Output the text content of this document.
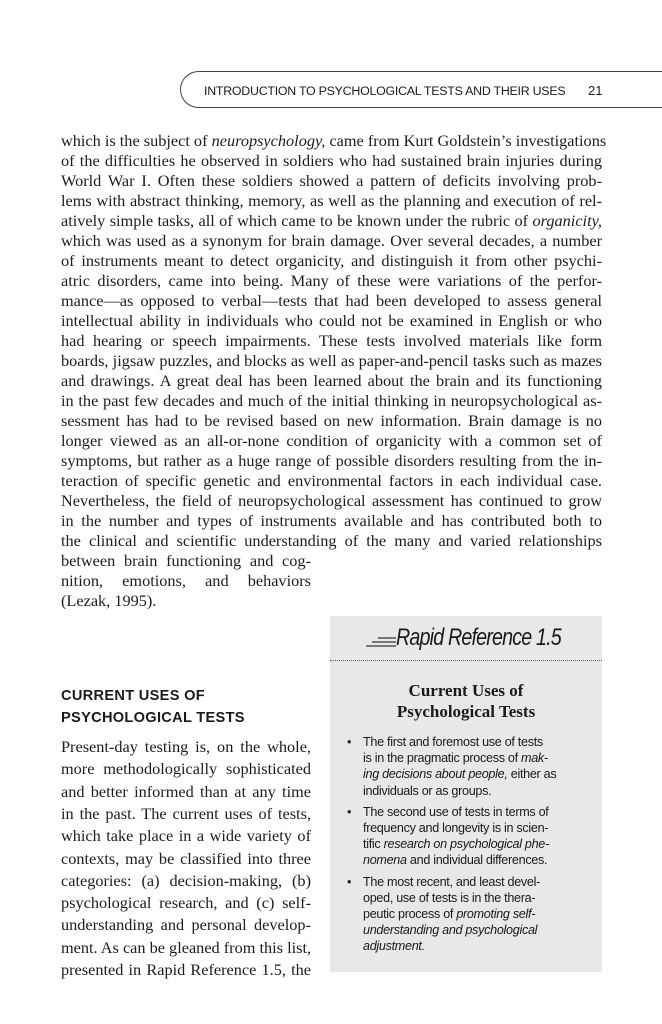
INTRODUCTION TO PSYCHOLOGICAL TESTS AND THEIR USES 21
which is the subject of neuropsychology, came from Kurt Goldstein’s investigations
of the difficulties he observed in soldiers who had sustained brain injuries during
World War I. Often these soldiers showed a pattern of deficits involving prob-
lems with abstract thinking, memory, as well as the planning and execution of rel-
atively simple tasks, all of which came to be known under the rubric of organicity,
which was used as a synonym for brain damage. Over several decades, a number
of instruments meant to detect organicity, and distinguish it from other psychi-
atric disorders, came into being. Many of these were variations of the perfor-
mance—as opposed to verbal—tests that had been developed to assess general
intellectual ability in individuals who could not be examined in English or who
had hearing or speech impairments. These tests involved materials like form
boards, jigsaw puzzles, and blocks as well as paper-and-pencil tasks such as mazes
and drawings. A great deal has been learned about the brain and its functioning
in the past few decades and much of the initial thinking in neuropsychological as-
sessment has had to be revised based on new information. Brain damage is no
longer viewed as an all-or-none condition of organicity with a common set of
symptoms, but rather as a huge range of possible disorders resulting from the in-
teraction of specific genetic and environmental factors in each individual case.
Nevertheless, the field of neuropsychological assessment has continued to grow
in the number and types of instruments available and has contributed both to
the clinical and scientific understanding of the many and varied relationships
between brain functioning and cog-
nition, emotions, and behaviors
(Lezak, 1995).
CURRENT USES OF
PSYCHOLOGICAL TESTS
Present-day testing is, on the whole,
more methodologically sophisticated
and better informed than at any time
in the past. The current uses of tests,
which take place in a wide variety of
contexts, may be classified into three
categories: (a) decision-making, (b)
psychological research, and (c) self-
understanding and personal develop-
ment. As can be gleaned from this list,
presented in Rapid Reference 1.5, the
Rapid Reference 1.5
Current Uses of
Psychological Tests
• The first and foremost use of tests
is in the pragmatic process of mak-
ing decisions about people, either as
individuals or as groups.
• The second use of tests in terms of
frequency and longevity is in scien-
tific research on psychological phe-
nomena and individual differences.
• The most recent, and least devel-
oped, use of tests is in the thera-
peutic process of promoting self-
understanding and psychological
adjustment.
